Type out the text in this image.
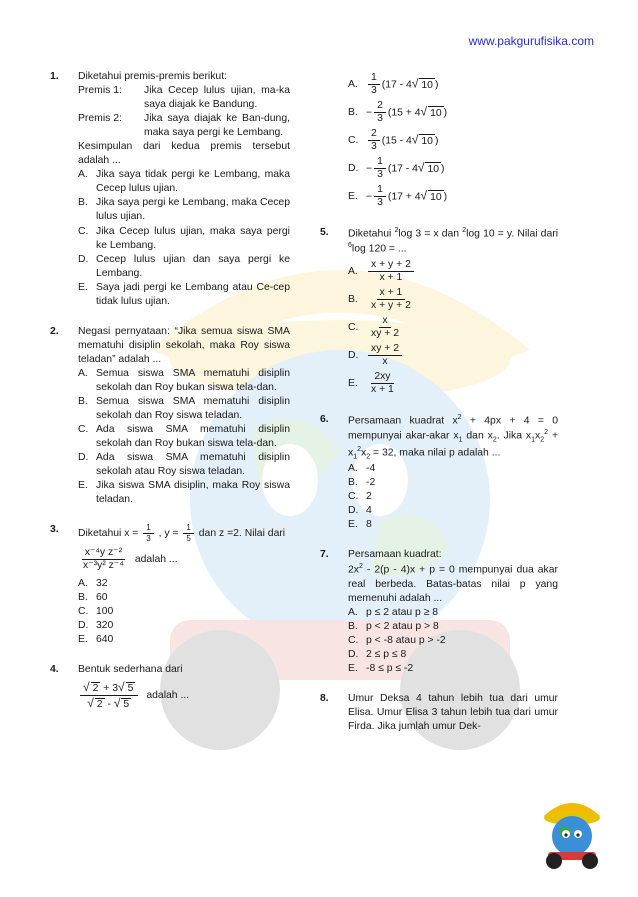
www.pakgurufisika.com
1. Diketahui premis-premis berikut:
Premis 1:	Jika Cecep lulus ujian, ma-ka saya diajak ke Bandung.
Premis 2:	Jika saya diajak ke Ban-dung, maka saya pergi ke Lembang.
Kesimpulan dari kedua premis tersebut adalah ...
A. Jika saya tidak pergi ke Lembang, maka Cecep lulus ujian.
B. Jika saya pergi ke Lembang, maka Cecep lulus ujian.
C. Jika Cecep lulus ujian, maka saya pergi ke Lembang.
D. Cecep lulus ujian dan saya pergi ke Lembang.
E. Saya jadi pergi ke Lembang atau Ce-cep tidak lulus ujian.
2. Negasi pernyataan: “Jika semua siswa SMA mematuhi disiplin sekolah, maka Roy siswa teladan” adalah ...
A. Semua siswa SMA mematuhi disiplin sekolah dan Roy bukan siswa tela-dan.
B. Semua siswa SMA mematuhi disiplin sekolah dan Roy siswa teladan.
C. Ada siswa SMA mematuhi disiplin sekolah dan Roy bukan siswa tela-dan.
D. Ada siswa SMA mematuhi disiplin sekolah atau Roy siswa teladan.
E. Jika siswa SMA disiplin, maka Roy siswa teladan.
3. Diketahui $x = \frac{1}{3}$ , $y = \frac{1}{5}$ dan z =2. Nilai dari
$\frac{\text{x⁻⁴y z⁻²}}{\text{x⁻³y² z⁻⁴}}$ adalah ...
A. 32
B. 60
C. 100
D. 320
E. 640
4. Bentuk sederhana dari
$\frac{√ 2 + 3√ 5}{√ 2 - √ 5}$ adalah ...
A. $\frac{1}{3} (17 - 4√$ 10 )
B. − $\frac{2}{3} (15 + 4√$ 10 )
C. $\frac{2}{3} (15 - 4√$ 10 )
D. − $\frac{1}{3} (17 - 4√$ 10 )
E. − $\frac{1}{3} (17 + 4√$ 10 )
5. Diketahui $^2$log 3 = x dan $^2$log 10 = y. Nilai dari $^6$log 120 = ...
A. $\frac{x + y + 2}{x + 1}$
B. $\frac{x + 1}{x + y + 2}$
C. $\frac{x}{xy + 2}$
D. $\frac{xy + 2}{x}$
E. $\frac{2xy}{x + 1}$
6. Persamaan kuadrat $x^2 + 4px + 4 = 0$ mempunyai akar-akar $x_1$ dan $x_2$. Jika $x_1x_2^2 + x_1^2x_2 = 32$, maka nilai p adalah ...
A. -4
B. -2
C. 2
D. 4
E. 8
7. Persamaan kuadrat:
$2x^2 - 2(p - 4)x + p = 0$ mempunyai dua akar real berbeda. Batas-batas nilai p yang memenuhi adalah ...
A. p ≤ 2 atau p ≥ 8
B. p < 2 atau p > 8
C. p < -8 atau p > -2
D. 2 ≤ p ≤ 8
E. -8 ≤ p ≤ -2
8. Umur Deksa 4 tahun lebih tua dari umur Elisa. Umur Elisa 3 tahun lebih tua dari umur Firda. Jika jumlah umur Dek-
